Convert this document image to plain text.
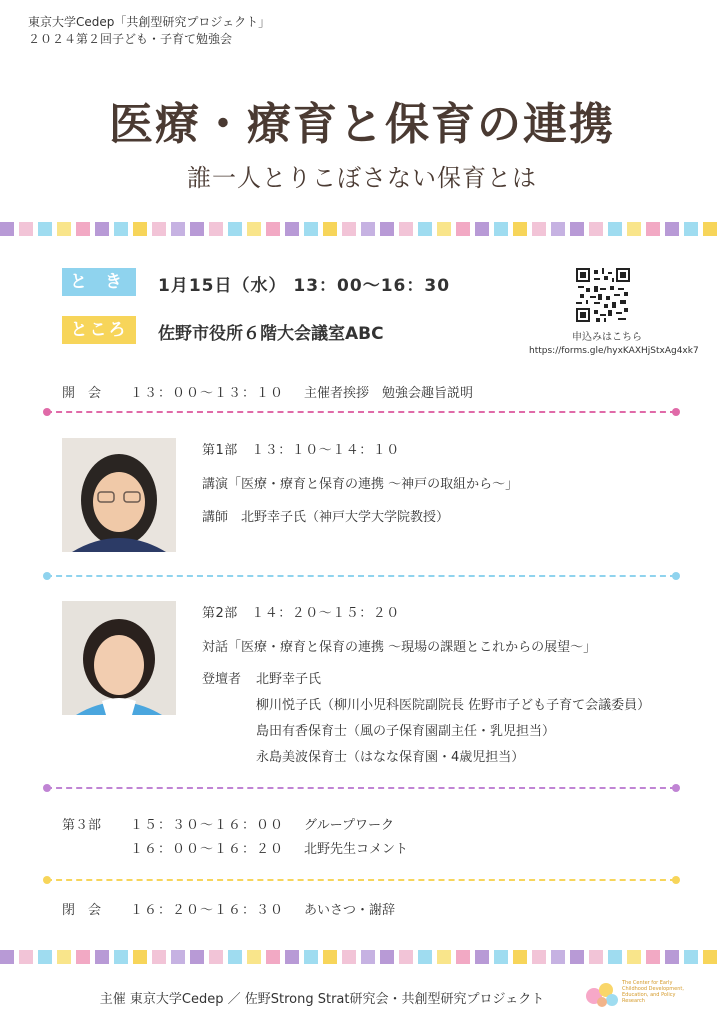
東京大学Cedep「共創型研究プロジェクト」
２０２４第２回子ども・子育て勉強会
医療・療育と保育の連携
誰一人とりこぼさない保育とは
と き	1月15日（水） 13：00～16：30
ところ	佐野市役所６階大会議室ABC	申込みはこちら
https://forms.gle/hyxKAXHjStxAg4xk7
開　会 １３：００～１３：１０ 主催者挨拶　勉強会趣旨説明
第1部　１３：１０～１４：１０
講演「医療・療育と保育の連携 ～神戸の取組から～」
講師　北野幸子氏（神戸大学大学院教授）
第2部　１４：２０～１５：２０
対話「医療・療育と保育の連携 ～現場の課題とこれからの展望～」
登壇者 北野幸子氏
柳川悦子氏（柳川小児科医院副院長 佐野市子ども子育て会議委員）
島田有香保育士（風の子保育園副主任・乳児担当）
永島美波保育士（はなな保育園・4歳児担当）
第３部 １５：３０～１６：００ グループワーク
１６：００～１６：２０ 北野先生コメント
閉　会 １６：２０～１６：３０ あいさつ・謝辞
主催 東京大学Cedep ／ 佐野Strong Strat研究会・共創型研究プロジェクト
The Center for Early Childhood Development, Education, and Policy Research
